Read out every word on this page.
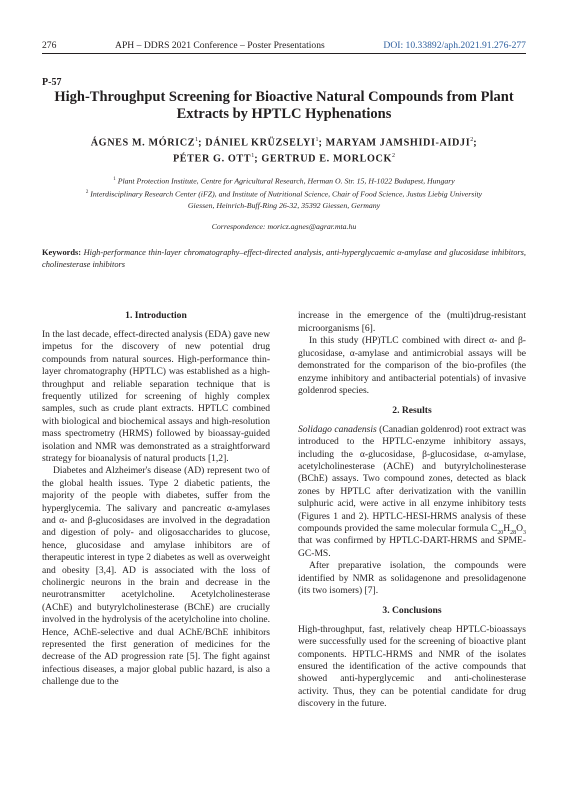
276	APH – DDRS 2021 Conference – Poster Presentations	DOI: 10.33892/aph.2021.91.276-277
P-57
High-Throughput Screening for Bioactive Natural Compounds from Plant Extracts by HPTLC Hyphenations
ÁGNES M. MÓRICZ$^1$; DÁNIEL KRÜZSELYI$^1$; MARYAM JAMSHIDI-AIDJI$^2$;
PÉTER G. OTT$^1$; GERTRUD E. MORLOCK$^2$
$^1$ Plant Protection Institute, Centre for Agricultural Research, Herman O. Str. 15, H-1022 Budapest, Hungary
$^2$ Interdisciplinary Research Center (iFZ), and Institute of Nutritional Science, Chair of Food Science, Justus Liebig University
Giessen, Heinrich-Buff-Ring 26-32, 35392 Giessen, Germany
Correspondence: moricz.agnes@agrar.mta.hu
Keywords: High-performance thin-layer chromatography–effect-directed analysis, anti-hyperglycaemic α-amylase and glucosidase inhibitors, cholinesterase inhibitors
1. Introduction

In the last decade, effect-directed analysis (EDA) gave new impetus for the discovery of new potential drug compounds from natural sources. High-performance thin-layer chromatography (HPTLC) was established as a high-throughput and reliable separation technique that is frequently utilized for screening of highly complex samples, such as crude plant extracts. HPTLC combined with biological and biochemical assays and high-resolution mass spectrometry (HRMS) followed by bioassay-guided isolation and NMR was demonstrated as a straightforward strategy for bioanalysis of natural products [1,2].

Diabetes and Alzheimer's disease (AD) represent two of the global health issues. Type 2 diabetic patients, the majority of the people with diabetes, suffer from the hyperglycemia. The salivary and pancreatic α-amylases and α- and β-glucosidases are involved in the degradation and digestion of poly- and oligosaccharides to glucose, hence, glucosidase and amylase inhibitors are of therapeutic interest in type 2 diabetes as well as overweight and obesity [3,4]. AD is associated with the loss of cholinergic neurons in the brain and decrease in the neurotransmitter acetylcholine. Acetylcholinesterase (AChE) and butyrylcholinesterase (BChE) are crucially involved in the hydrolysis of the acetylcholine into choline. Hence, AChE-selective and dual AChE/BChE inhibitors represented the first generation of medicines for the decrease of the AD progression rate [5]. The fight against infectious diseases, a major global public hazard, is also a challenge due to the

increase in the emergence of the (multi)drug-resistant microorganisms [6].

In this study (HP)TLC combined with direct α- and β-glucosidase, α-amylase and antimicrobial assays will be demonstrated for the comparison of the bio-profiles (the enzyme inhibitory and antibacterial potentials) of invasive goldenrod species.

2. Results

Solidago canadensis (Canadian goldenrod) root extract was introduced to the HPTLC-enzyme inhibitory assays, including the α-glucosidase, β-glucosidase, α-amylase, acetylcholinesterase (AChE) and butyrylcholinesterase (BChE) assays. Two compound zones, detected as black zones by HPTLC after derivatization with the vanillin sulphuric acid, were active in all enzyme inhibitory tests (Figures 1 and 2). HPTLC-HESI-HRMS analysis of these compounds provided the same molecular formula $C_{20}H_{28}O_3$ that was confirmed by HPTLC-DART-HRMS and SPME-GC-MS.

After preparative isolation, the compounds were identified by NMR as solidagenone and presolidagenone (its two isomers) [7].

3. Conclusions

High-throughput, fast, relatively cheap HPTLC-bioassays were successfully used for the screening of bioactive plant components. HPTLC-HRMS and NMR of the isolates ensured the identification of the active compounds that showed anti-hyperglycemic and anti-cholinesterase activity. Thus, they can be potential candidate for drug discovery in the future.
